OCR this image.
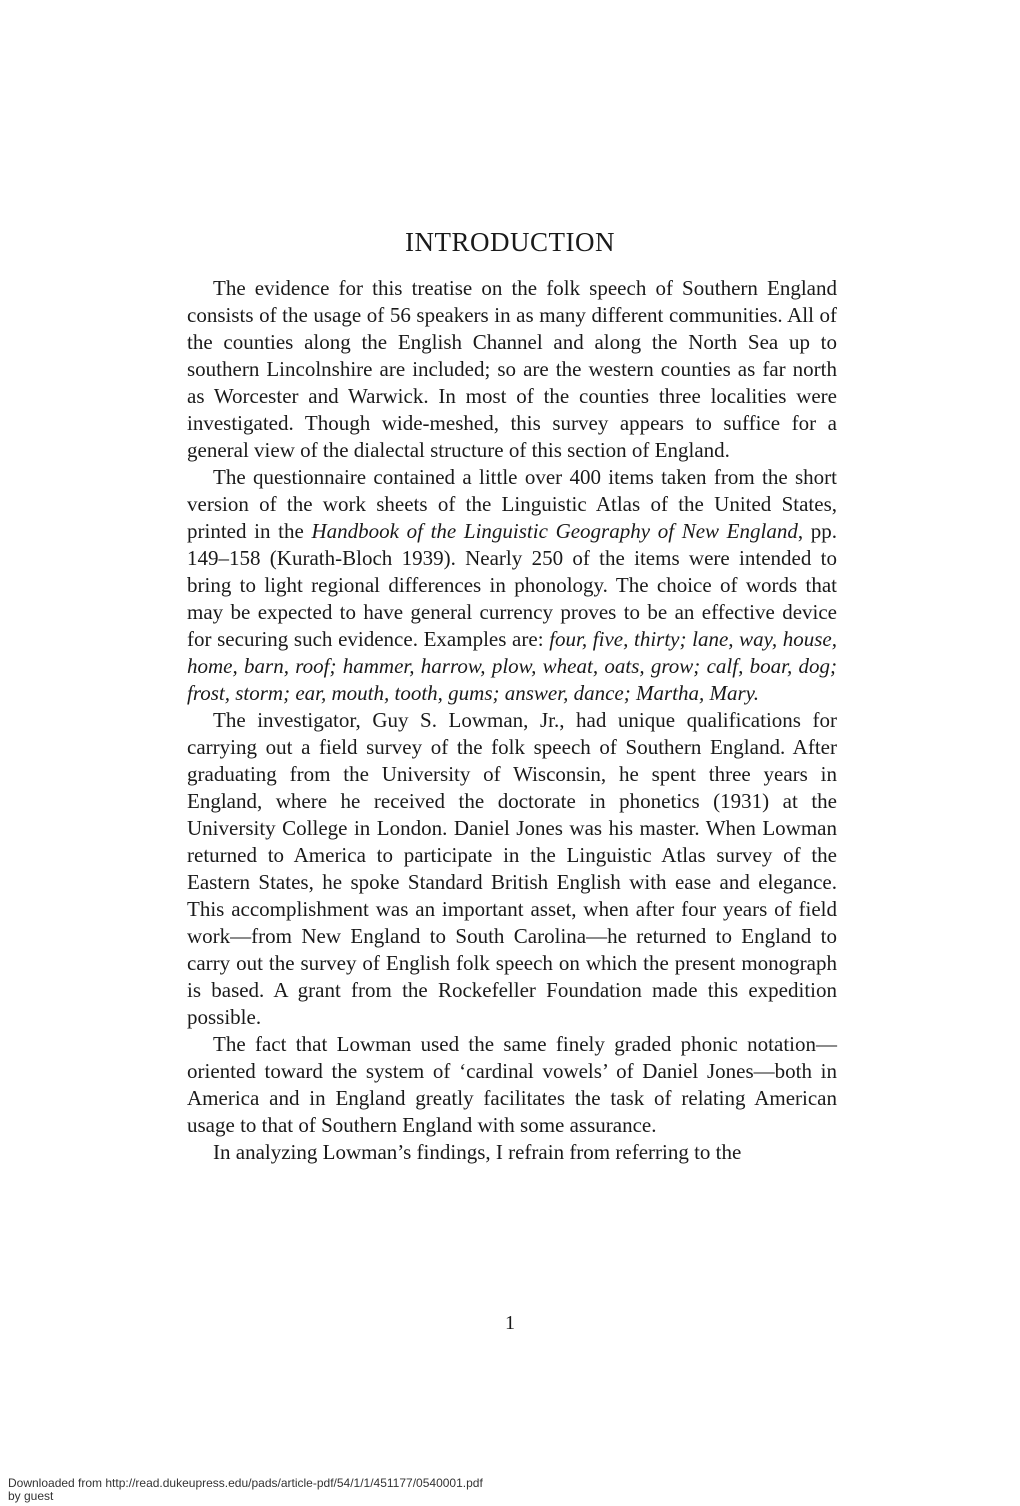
INTRODUCTION

The evidence for this treatise on the folk speech of Southern England consists of the usage of 56 speakers in as many different communities. All of the counties along the English Channel and along the North Sea up to southern Lincolnshire are included; so are the western counties as far north as Worcester and Warwick. In most of the counties three localities were investigated. Though wide-meshed, this survey appears to suffice for a general view of the dialectal structure of this section of England.

The questionnaire contained a little over 400 items taken from the short version of the work sheets of the Linguistic Atlas of the United States, printed in the Handbook of the Linguistic Geography of New England, pp. 149–158 (Kurath-Bloch 1939). Nearly 250 of the items were intended to bring to light regional differences in phonology. The choice of words that may be expected to have general currency proves to be an effective device for securing such evidence. Examples are: four, five, thirty; lane, way, house, home, barn, roof; hammer, harrow, plow, wheat, oats, grow; calf, boar, dog; frost, storm; ear, mouth, tooth, gums; answer, dance; Martha, Mary.

The investigator, Guy S. Lowman, Jr., had unique qualifications for carrying out a field survey of the folk speech of Southern England. After graduating from the University of Wisconsin, he spent three years in England, where he received the doctorate in phonetics (1931) at the University College in London. Daniel Jones was his master. When Lowman returned to America to participate in the Linguistic Atlas survey of the Eastern States, he spoke Standard British English with ease and elegance. This accomplishment was an important asset, when after four years of field work—from New England to South Carolina—he returned to England to carry out the survey of English folk speech on which the present monograph is based. A grant from the Rockefeller Foundation made this expedition possible.

The fact that Lowman used the same finely graded phonic notation—oriented toward the system of ‘cardinal vowels’ of Daniel Jones—both in America and in England greatly facilitates the task of relating American usage to that of Southern England with some assurance.

In analyzing Lowman’s findings, I refrain from referring to the

1
Downloaded from http://read.dukeupress.edu/pads/article-pdf/54/1/1/451177/0540001.pdf
by guest
